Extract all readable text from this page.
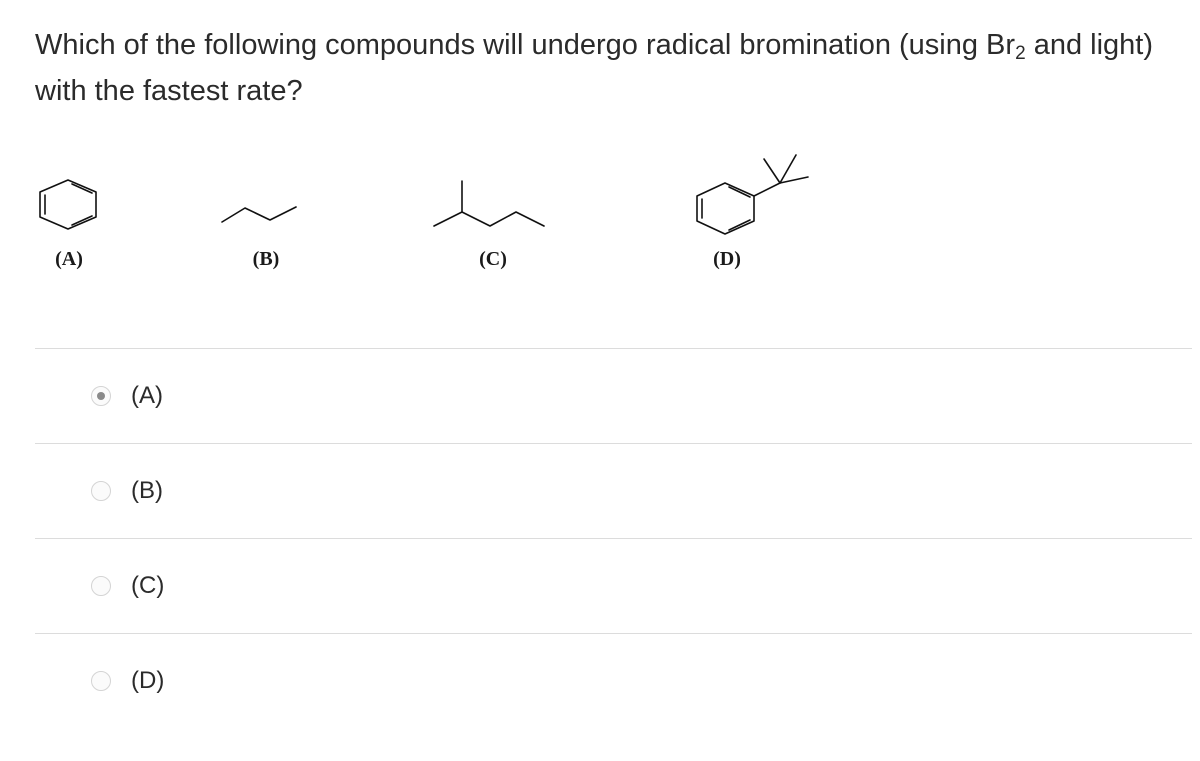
Which of the following compounds will undergo radical bromination (using $Br_2$ and light) with the fastest rate?
(A)	(B)	(C)	(D)
(A)
(B)
(C)
(D)
